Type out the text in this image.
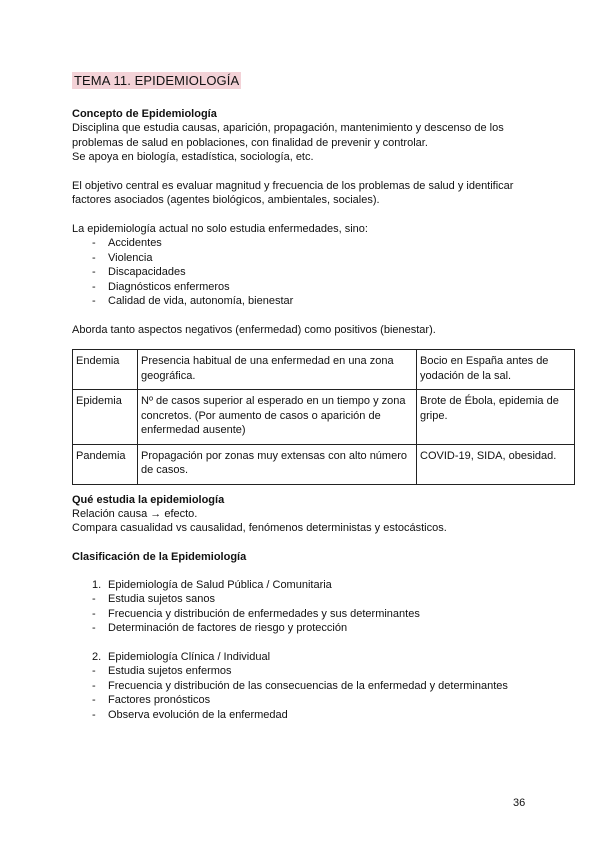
TEMA 11. EPIDEMIOLOGÍA

Concepto de Epidemiología

Disciplina que estudia causas, aparición, propagación, mantenimiento y descenso de los

problemas de salud en poblaciones, con finalidad de prevenir y controlar.

Se apoya en biología, estadística, sociología, etc.

El objetivo central es evaluar magnitud y frecuencia de los problemas de salud y identificar

factores asociados (agentes biológicos, ambientales, sociales).

La epidemiología actual no solo estudia enfermedades, sino:

- Accidentes
- Violencia
- Discapacidades
- Diagnósticos enfermeros
- Calidad de vida, autonomía, bienestar

Aborda tanto aspectos negativos (enfermedad) como positivos (bienestar).

Endemia	Presencia habitual de una enfermedad en una zona geográfica.	Bocio en España antes de yodación de la sal.
Epidemia	Nº de casos superior al esperado en un tiempo y zona concretos. (Por aumento de casos o aparición de enfermedad ausente)	Brote de Ébola, epidemia de gripe.
Pandemia	Propagación por zonas muy extensas con alto número de casos.	COVID-19, SIDA, obesidad.

Qué estudia la epidemiología

Relación causa → efecto.

Compara casualidad vs causalidad, fenómenos deterministas y estocásticos.

Clasificación de la Epidemiología

1. Epidemiología de Salud Pública / Comunitaria
- Estudia sujetos sanos
- Frecuencia y distribución de enfermedades y sus determinantes
- Determinación de factores de riesgo y protección
2. Epidemiología Clínica / Individual
- Estudia sujetos enfermos
- Frecuencia y distribución de las consecuencias de la enfermedad y determinantes
- Factores pronósticos
- Observa evolución de la enfermedad
36
